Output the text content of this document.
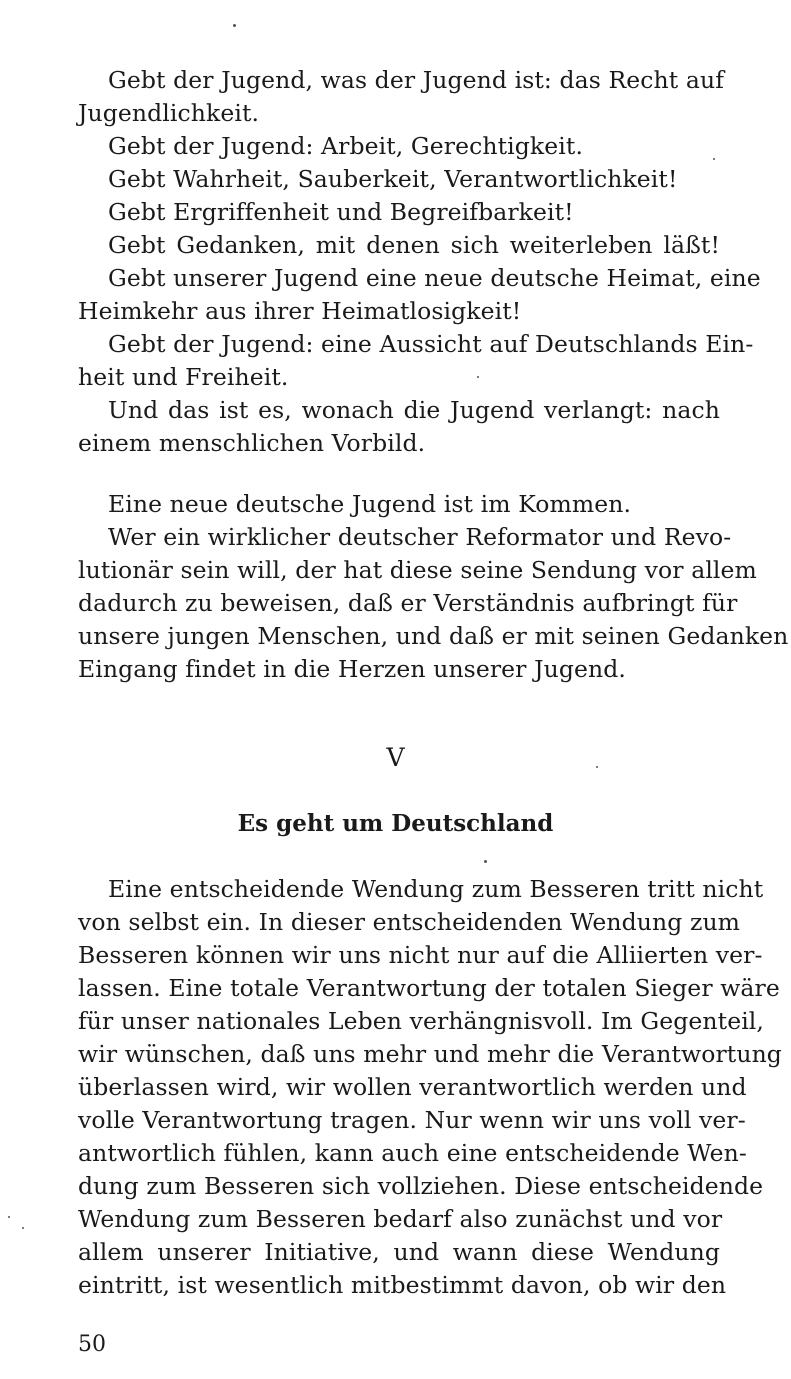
Gebt der Jugend, was der Jugend ist: das Recht auf
Jugendlichkeit.
Gebt der Jugend: Arbeit, Gerechtigkeit.
Gebt Wahrheit, Sauberkeit, Verantwortlichkeit!
Gebt Ergriffenheit und Begreifbarkeit!
Gebt Gedanken, mit denen sich weiterleben läßt!
Gebt unserer Jugend eine neue deutsche Heimat, eine
Heimkehr aus ihrer Heimatlosigkeit!
Gebt der Jugend: eine Aussicht auf Deutschlands Ein-
heit und Freiheit.
Und das ist es, wonach die Jugend verlangt: nach
einem menschlichen Vorbild.
Eine neue deutsche Jugend ist im Kommen.
Wer ein wirklicher deutscher Reformator und Revo-
lutionär sein will, der hat diese seine Sendung vor allem
dadurch zu beweisen, daß er Verständnis aufbringt für
unsere jungen Menschen, und daß er mit seinen Gedanken
Eingang findet in die Herzen unserer Jugend.
V
Es geht um Deutschland
Eine entscheidende Wendung zum Besseren tritt nicht
von selbst ein. In dieser entscheidenden Wendung zum
Besseren können wir uns nicht nur auf die Alliierten ver-
lassen. Eine totale Verantwortung der totalen Sieger wäre
für unser nationales Leben verhängnisvoll. Im Gegenteil,
wir wünschen, daß uns mehr und mehr die Verantwortung
überlassen wird, wir wollen verantwortlich werden und
volle Verantwortung tragen. Nur wenn wir uns voll ver-
antwortlich fühlen, kann auch eine entscheidende Wen-
dung zum Besseren sich vollziehen. Diese entscheidende
Wendung zum Besseren bedarf also zunächst und vor
allem unserer Initiative, und wann diese Wendung
eintritt, ist wesentlich mitbestimmt davon, ob wir den
50
